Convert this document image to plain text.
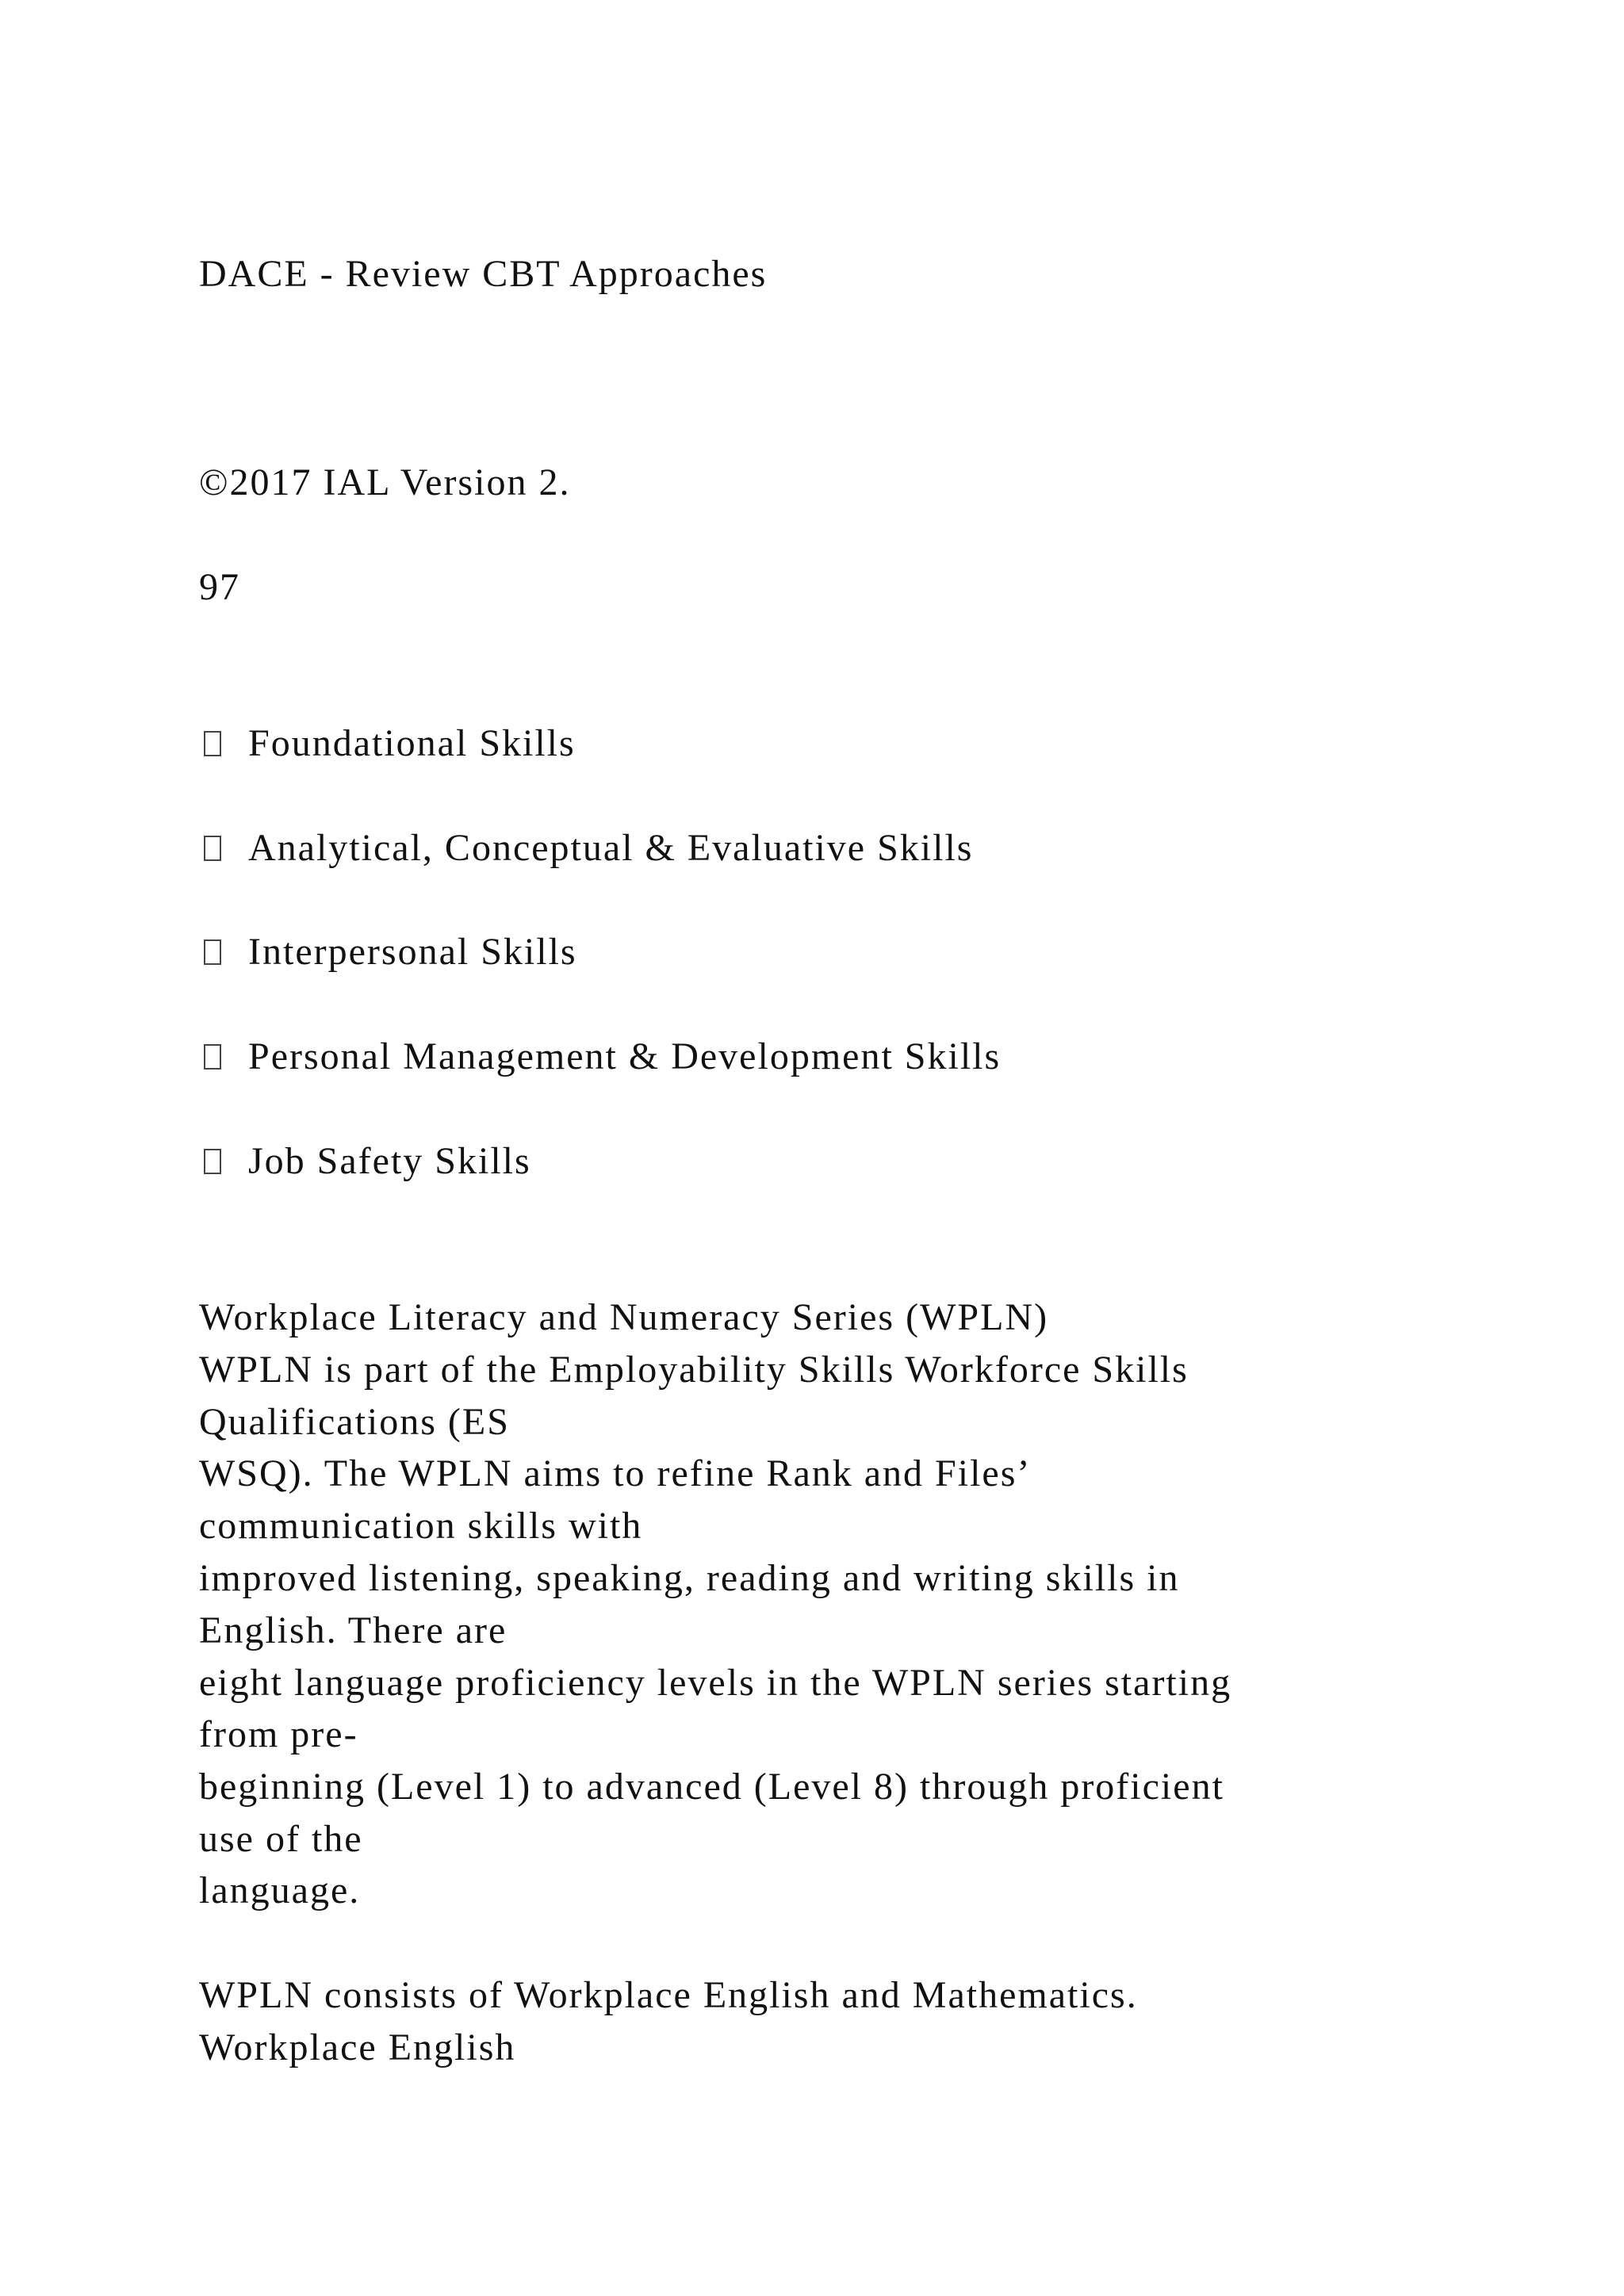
DACE - Review CBT Approaches
©2017 IAL Version 2.
97
Foundational Skills
Analytical, Conceptual & Evaluative Skills
Interpersonal Skills
Personal Management & Development Skills
Job Safety Skills
Workplace Literacy and Numeracy Series (WPLN)
WPLN is part of the Employability Skills Workforce Skills
Qualifications (ES
WSQ). The WPLN aims to refine Rank and Files’
communication skills with
improved listening, speaking, reading and writing skills in
English. There are
eight language proficiency levels in the WPLN series starting
from pre-
beginning (Level 1) to advanced (Level 8) through proficient
use of the
language.
WPLN consists of Workplace English and Mathematics.
Workplace English
